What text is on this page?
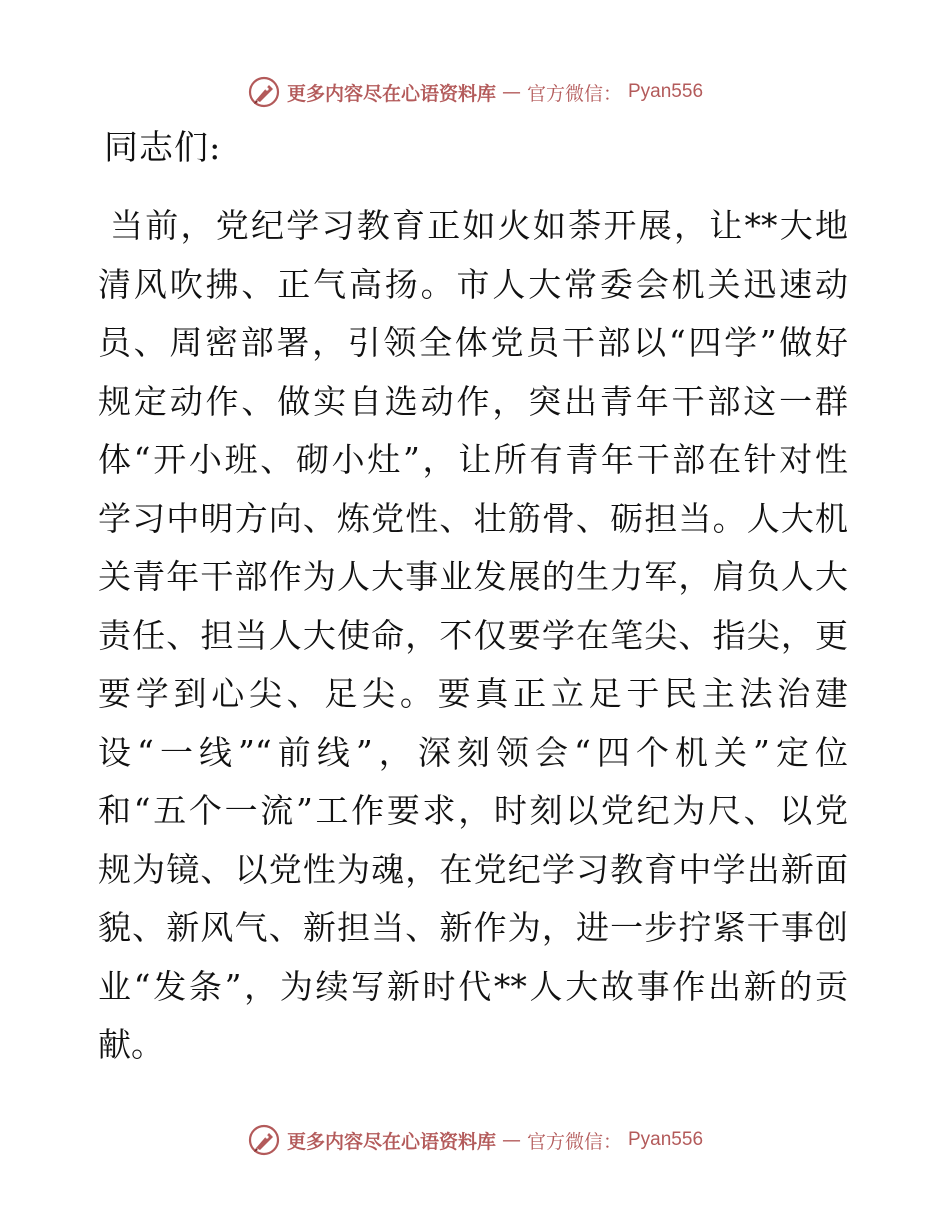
更多内容尽在心语资料库 — 官方微信： Pyan556
同志们:
当前，党纪学习教育正如火如荼开展，让**大地
清风吹拂、正气高扬。市人大常委会机关迅速动
员、周密部署，引领全体党员干部以“四学”做好
规定动作、做实自选动作，突出青年干部这一群
体“开小班、砌小灶”，让所有青年干部在针对性
学习中明方向、炼党性、壮筋骨、砺担当。人大机
关青年干部作为人大事业发展的生力军，肩负人大
责任、担当人大使命，不仅要学在笔尖、指尖，更
要学到心尖、足尖。要真正立足于民主法治建
设“一线”“前线”，深刻领会“四个机关”定位
和“五个一流”工作要求，时刻以党纪为尺、以党
规为镜、以党性为魂，在党纪学习教育中学出新面
貌、新风气、新担当、新作为，进一步拧紧干事创
业“发条”，为续写新时代**人大故事作出新的贡
献。
更多内容尽在心语资料库 — 官方微信： Pyan556
